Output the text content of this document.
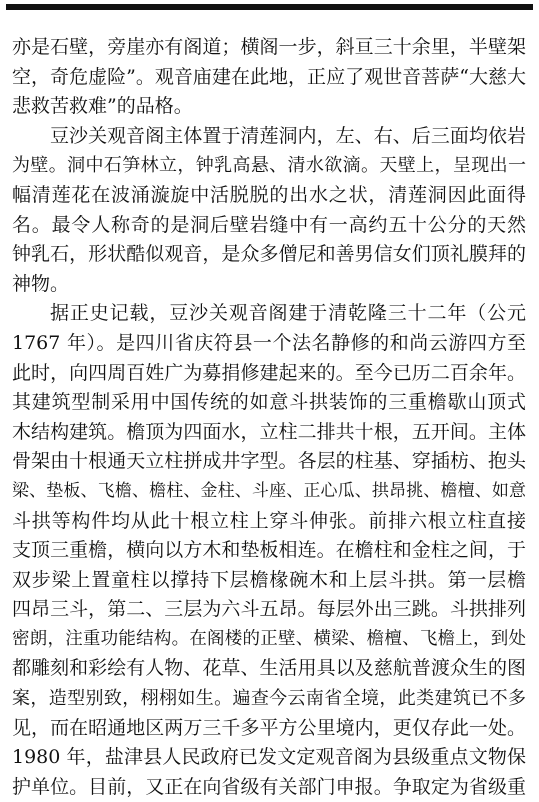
亦是石壁，旁崖亦有阁道；横阁一步，斜亘三十余里，半壁架
空，奇危虚险”。观音庙建在此地，正应了观世音菩萨“大慈大
悲救苦救难”的品格。
豆沙关观音阁主体置于清莲洞内，左、右、后三面均依岩
为壁。洞中石笋林立，钟乳高悬、清水欲滴。天壁上，呈现出一
幅清莲花在波涌漩旋中活脱脱的出水之状，清莲洞因此面得
名。最令人称奇的是洞后壁岩缝中有一高约五十公分的天然
钟乳石，形状酷似观音，是众多僧尼和善男信女们顶礼膜拜的
神物。
据正史记载，豆沙关观音阁建于清乾隆三十二年（公元
1767 年）。是四川省庆符县一个法名静修的和尚云游四方至
此时，向四周百姓广为募捐修建起来的。至今已历二百余年。
其建筑型制采用中国传统的如意斗拱装饰的三重檐歇山顶式
木结构建筑。檐顶为四面水，立柱二排共十根，五开间。主体
骨架由十根通天立柱拼成井字型。各层的柱基、穿插枋、抱头
梁、垫板、飞檐、檐柱、金柱、斗座、正心瓜、拱昂挑、檐檀、如意
斗拱等构件均从此十根立柱上穿斗伸张。前排六根立柱直接
支顶三重檐，横向以方木和垫板相连。在檐柱和金柱之间，于
双步梁上置童柱以撑持下层檐椽碗木和上层斗拱。第一层檐
四昂三斗，第二、三层为六斗五昂。每层外出三跳。斗拱排列
密朗，注重功能结构。在阁楼的正壁、横梁、檐檀、飞檐上，到处
都雕刻和彩绘有人物、花草、生活用具以及慈航普渡众生的图
案，造型别致，栩栩如生。遍查今云南省全境，此类建筑已不多
见，而在昭通地区两万三千多平方公里境内，更仅存此一处。
1980 年，盐津县人民政府已发文定观音阁为县级重点文物保
护单位。目前，又正在向省级有关部门申报。争取定为省级重
